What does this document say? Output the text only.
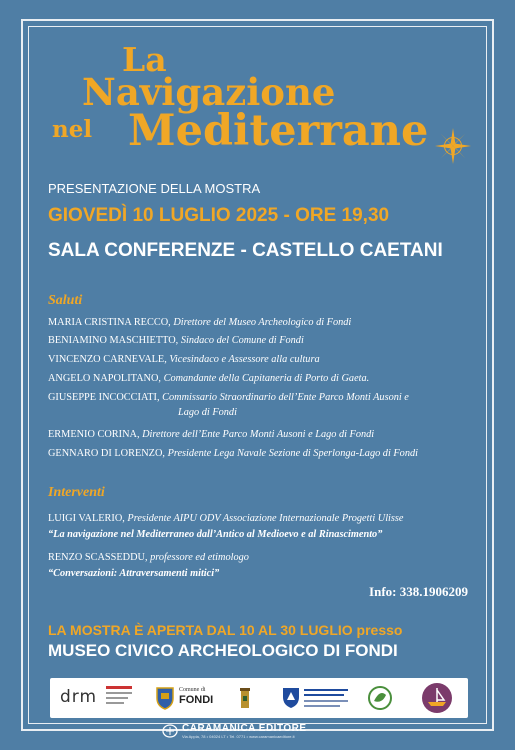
La
Navigazione
nel Mediterrane
PRESENTAZIONE DELLA MOSTRA
GIOVEDÌ 10 LUGLIO 2025 - ORE 19,30
SALA CONFERENZE - CASTELLO CAETANI
Saluti
MARIA CRISTINA RECCO, Direttore del Museo Archeologico di Fondi
BENIAMINO MASCHIETTO, Sindaco del Comune di Fondi
VINCENZO CARNEVALE, Vicesindaco e Assessore alla cultura
ANGELO NAPOLITANO, Comandante della Capitaneria di Porto di Gaeta.
GIUSEPPE INCOCCIATI, Commissario Straordinario dell’Ente Parco Monti Ausoni e
Lago di Fondi
ERMENIO CORINA, Direttore dell’Ente Parco Monti Ausoni e Lago di Fondi
GENNARO DI LORENZO, Presidente Lega Navale Sezione di Sperlonga-Lago di Fondi
Interventi
LUIGI VALERIO, Presidente AIPU ODV Associazione Internazionale Progetti Ulisse
“La navigazione nel Mediterraneo dall’Antico al Medioevo e al Rinascimento”
RENZO SCASSEDDU, professore ed etimologo
“Conversazioni: Attraversamenti mitici”
Info: 338.1906209
LA MOSTRA È APERTA DAL 10 AL 30 LUGLIO presso
MUSEO CIVICO ARCHEOLOGICO DI FONDI
drm	Comune di
FONDI
CARAMANICA EDITORE
Via Appia, 78 • 04024 LT • Tel. 0771 • www.caramanicaeditore.it
